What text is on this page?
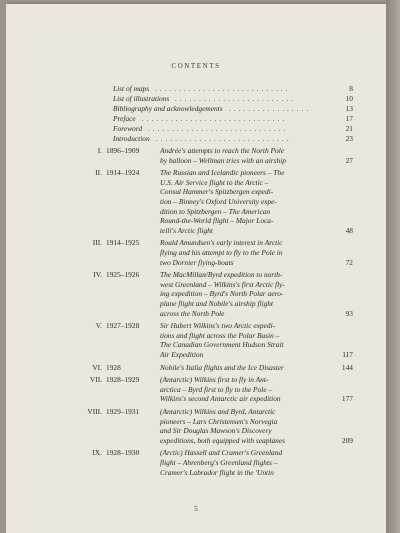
CONTENTS
List of maps ............................	8
List of illustrations .........................	10
Bibliography and acknowledgements .................	13
Preface ..............................	17
Foreword .............................	21
Introduction ............................	23
I. 1896–1909	Andrée's attempts to reach the North Pole
by balloon – Wellman tries with an airship	27
II. 1914–1924	The Russian and Icelandic pioneers – The
U.S. Air Service flight to the Arctic –
Consul Hammer's Spitzbergen expedi-
tion – Binney's Oxford University expe-
dition to Spitzbergen – The American
Round-the-World flight – Major Loca-
telli's Arctic flight	48
III. 1914–1925	Roald Amundsen's early interest in Arctic
flying and his attempt to fly to the Pole in
two Dornier flying-boats	72
IV. 1925–1926	The MacMillan/Byrd expedition to north-
west Greenland – Wilkins's first Arctic fly-
ing expedition – Byrd's North Polar aero-
plane flight and Nobile's airship flight
across the North Pole	93
V. 1927–1928	Sir Hubert Wilkins's two Arctic expedi-
tions and flight across the Polar Basin –
The Canadian Government Hudson Strait
Air Expedition	117
VI. 1928	Nobile's Italia flights and the Ice Disaster	144
VII. 1928–1929	(Antarctic) Wilkins first to fly in Ant-
arctica – Byrd first to fly to the Pole –
Wilkins's second Antarctic air expedition	177
VIII. 1929–1931	(Antarctic) Wilkins and Byrd, Antarctic
pioneers – Lars Christensen's Norvegia
and Sir Douglas Mawson's Discovery
expeditions, both equipped with seaplanes	209
IX. 1928–1930	(Arctic) Hassell and Cramer's Greenland
flight – Ahrenberg's Greenland flights –
Cramer's Labrador flight in the 'Untin
5
